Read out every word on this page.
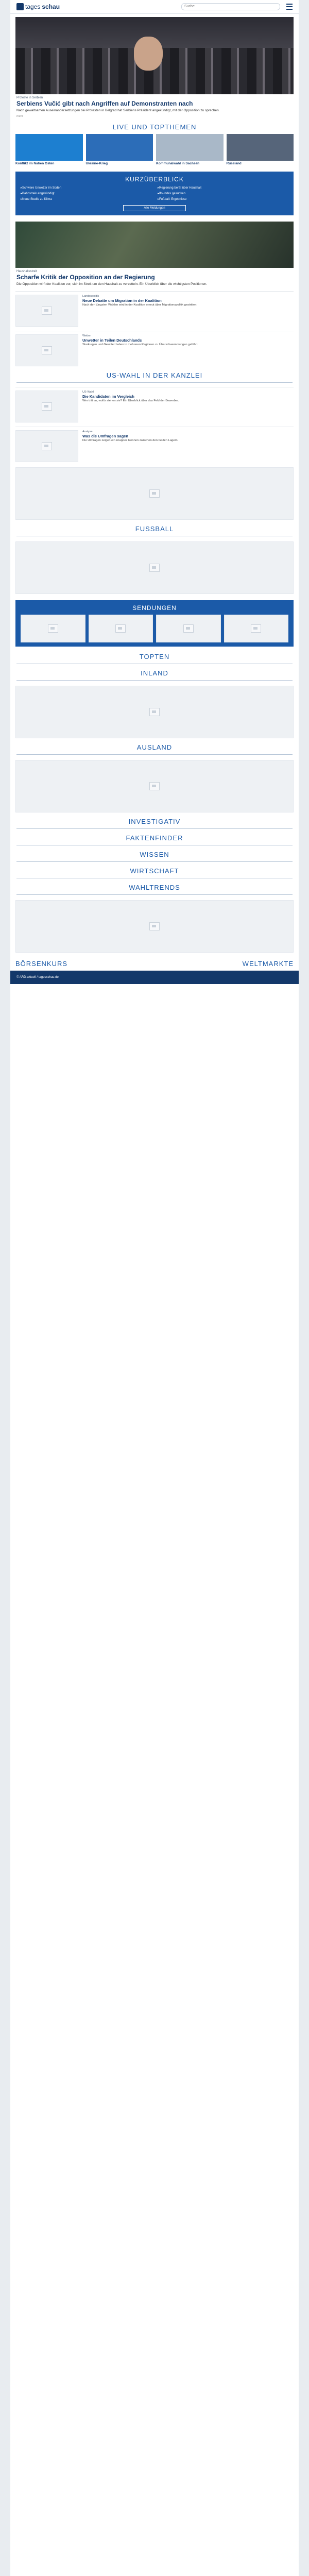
tages schau	Suche
Proteste in Serbien
Serbiens Vučić gibt nach Angriffen auf Demonstranten nach
Nach gewaltsamen Auseinandersetzungen bei Protesten in Belgrad hat Serbiens Präsident angekündigt, mit der Opposition zu sprechen.
mehr
LIVE UND TOPTHEMEN
Konflikt im Nahen Osten	Ukraine-Krieg	Kommunalwahl in Sachsen	Russland
KURZÜBERBLICK
▸ Schwere Unwetter im Süden	▸ Regierung berät über Haushalt
▸ Bahnstreik angekündigt	▸ Ifo-Index gesunken
▸ Neue Studie zu Klima	▸ Fußball: Ergebnisse
Alle Meldungen
Haushaltsstreit
Scharfe Kritik der Opposition an der Regierung
Die Opposition wirft der Koalition vor, sich im Streit um den Haushalt zu verzetteln. Ein Überblick über die wichtigsten Positionen.
Landespolitik
Neue Debatte um Migration in der Koalition
Nach den jüngsten Wahlen wird in der Koalition erneut über Migrationspolitik gestritten.
Wetter
Unwetter in Teilen Deutschlands
Starkregen und Gewitter haben in mehreren Regionen zu Überschwemmungen geführt.
US-WAHL IN DER KANZLEI
US-Wahl
Die Kandidaten im Vergleich
Wer tritt an, wofür stehen sie? Ein Überblick über das Feld der Bewerber.
Analyse
Was die Umfragen sagen
Die Umfragen zeigen ein knappes Rennen zwischen den beiden Lagern.
FUSSBALL
SENDUNGEN
TOPTEN
INLAND
AUSLAND
INVESTIGATIV
FAKTENFINDER
WISSEN
WIRTSCHAFT
WAHLTRENDS
BÖRSENKURS	WELTMARKTE
© ARD-aktuell / tagesschau.de
